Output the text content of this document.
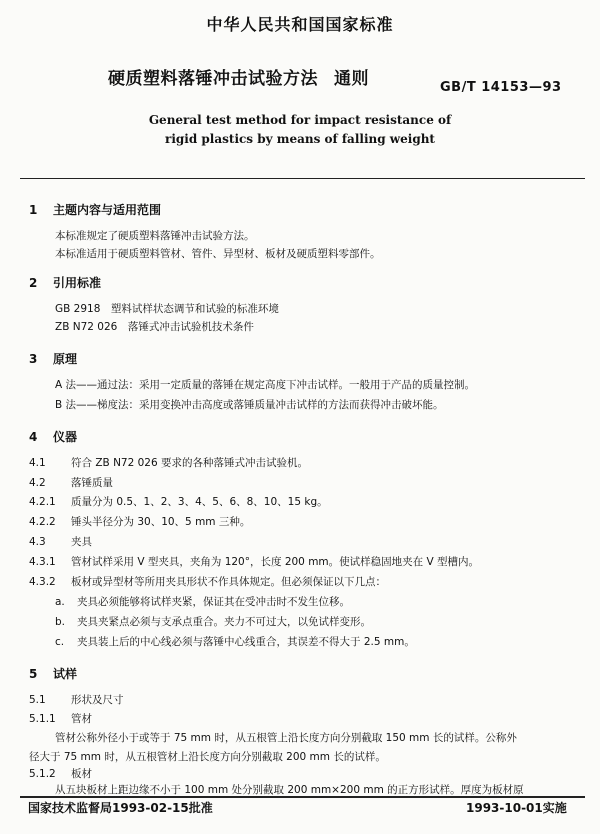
中华人民共和国国家标准
硬质塑料落锤冲击试验方法 通则	GB/T 14153—93
General test method for impact resistance of
rigid plastics by means of falling weight
1 主题内容与适用范围
本标准规定了硬质塑料落锤冲击试验方法。
本标准适用于硬质塑料管材、管件、异型材、板材及硬质塑料零部件。
2 引用标准
GB 2918　塑料试样状态调节和试验的标准环境
ZB N72 026　落锤式冲击试验机技术条件
3 原理
A 法——通过法：采用一定质量的落锤在规定高度下冲击试样。一般用于产品的质量控制。
B 法——梯度法：采用变换冲击高度或落锤质量冲击试样的方法而获得冲击破坏能。
4 仪器
4.1 符合 ZB N72 026 要求的各种落锤式冲击试验机。
4.2 落锤质量
4.2.1 质量分为 0.5、1、2、3、4、5、6、8、10、15 kg。
4.2.2 锤头半径分为 30、10、5 mm 三种。
4.3 夹具
4.3.1 管材试样采用 V 型夹具，夹角为 120°，长度 200 mm。使试样稳固地夹在 V 型槽内。
4.3.2 板材或异型材等所用夹具形状不作具体规定。但必须保证以下几点：
a. 夹具必须能够将试样夹紧，保证其在受冲击时不发生位移。
b. 夹具夹紧点必须与支承点重合。夹力不可过大，以免试样变形。
c. 夹具装上后的中心线必须与落锤中心线重合，其误差不得大于 2.5 mm。
5 试样
5.1 形状及尺寸
5.1.1 管材
管材公称外径小于或等于 75 mm 时，从五根管上沿长度方向分别截取 150 mm 长的试样。公称外
径大于 75 mm 时，从五根管材上沿长度方向分别截取 200 mm 长的试样。
5.1.2 板材
从五块板材上距边缘不小于 100 mm 处分别截取 200 mm×200 mm 的正方形试样。厚度为板材原
国家技术监督局1993-02-15批准	1993-10-01实施
